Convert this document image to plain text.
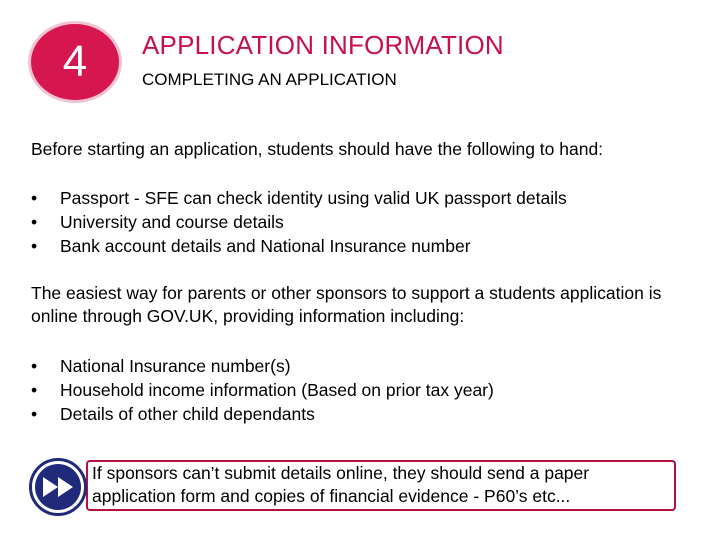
4 APPLICATION INFORMATION
COMPLETING AN APPLICATION
Before starting an application, students should have the following to hand:
• Passport - SFE can check identity using valid UK passport details
• University and course details
• Bank account details and National Insurance number
The easiest way for parents or other sponsors to support a students application is online through GOV.UK, providing information including:
• National Insurance number(s)
• Household income information (Based on prior tax year)
• Details of other child dependants
If sponsors can’t submit details online, they should send a paper
application form and copies of financial evidence - P60’s etc...
